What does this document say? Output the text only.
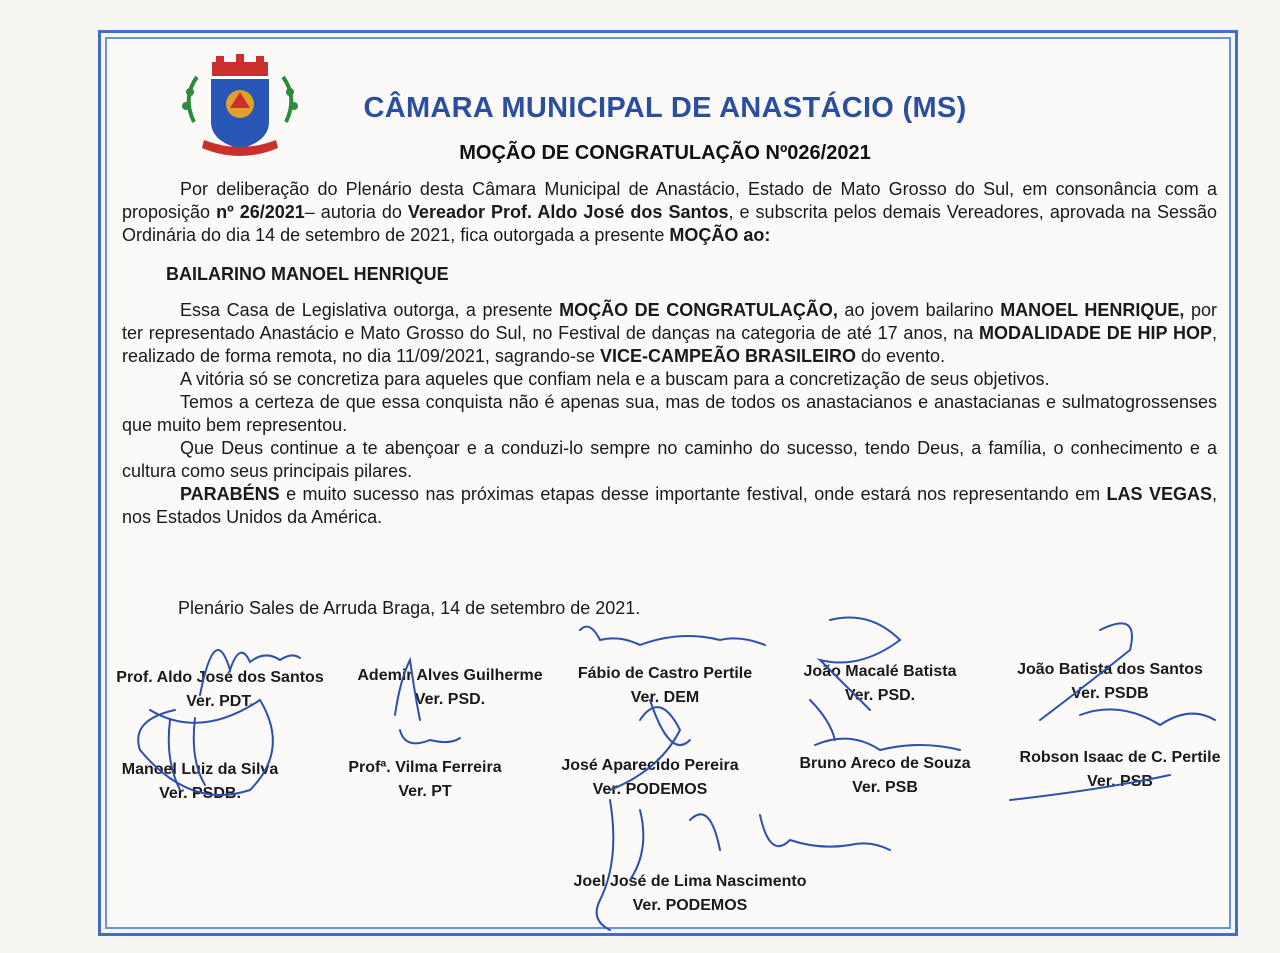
CÂMARA MUNICIPAL DE ANASTÁCIO (MS)
MOÇÃO DE CONGRATULAÇÃO Nº026/2021

Por deliberação do Plenário desta Câmara Municipal de Anastácio, Estado de Mato Grosso do Sul, em consonância com a proposição nº 26/2021– autoria do Vereador Prof. Aldo José dos Santos, e subscrita pelos demais Vereadores, aprovada na Sessão Ordinária do dia 14 de setembro de 2021, fica outorgada a presente MOÇÃO ao:

BAILARINO MANOEL HENRIQUE

Essa Casa de Legislativa outorga, a presente MOÇÃO DE CONGRATULAÇÃO, ao jovem bailarino MANOEL HENRIQUE, por ter representado Anastácio e Mato Grosso do Sul, no Festival de danças na categoria de até 17 anos, na MODALIDADE DE HIP HOP, realizado de forma remota, no dia 11/09/2021, sagrando-se VICE-CAMPEÃO BRASILEIRO do evento.

A vitória só se concretiza para aqueles que confiam nela e a buscam para a concretização de seus objetivos.

Temos a certeza de que essa conquista não é apenas sua, mas de todos os anastacianos e anastacianas e sulmatogrossenses que muito bem representou.

Que Deus continue a te abençoar e a conduzi-lo sempre no caminho do sucesso, tendo Deus, a família, o conhecimento e a cultura como seus principais pilares.

PARABÉNS e muito sucesso nas próximas etapas desse importante festival, onde estará nos representando em LAS VEGAS, nos Estados Unidos da América.

Plenário Sales de Arruda Braga, 14 de setembro de 2021.
Prof. Aldo José dos Santos
Ver. PDT.
Ademir Alves Guilherme
Ver. PSD.
Fábio de Castro Pertile
Ver. DEM
João Macalé Batista
Ver. PSD.
João Batista dos Santos
Ver. PSDB
Manoel Luiz da Silva
Ver. PSDB.
Profª. Vilma Ferreira
Ver. PT
José Aparecido Pereira
Ver. PODEMOS
Bruno Areco de Souza
Ver. PSB
Robson Isaac de C. Pertile
Ver. PSB
Joel José de Lima Nascimento
Ver. PODEMOS
